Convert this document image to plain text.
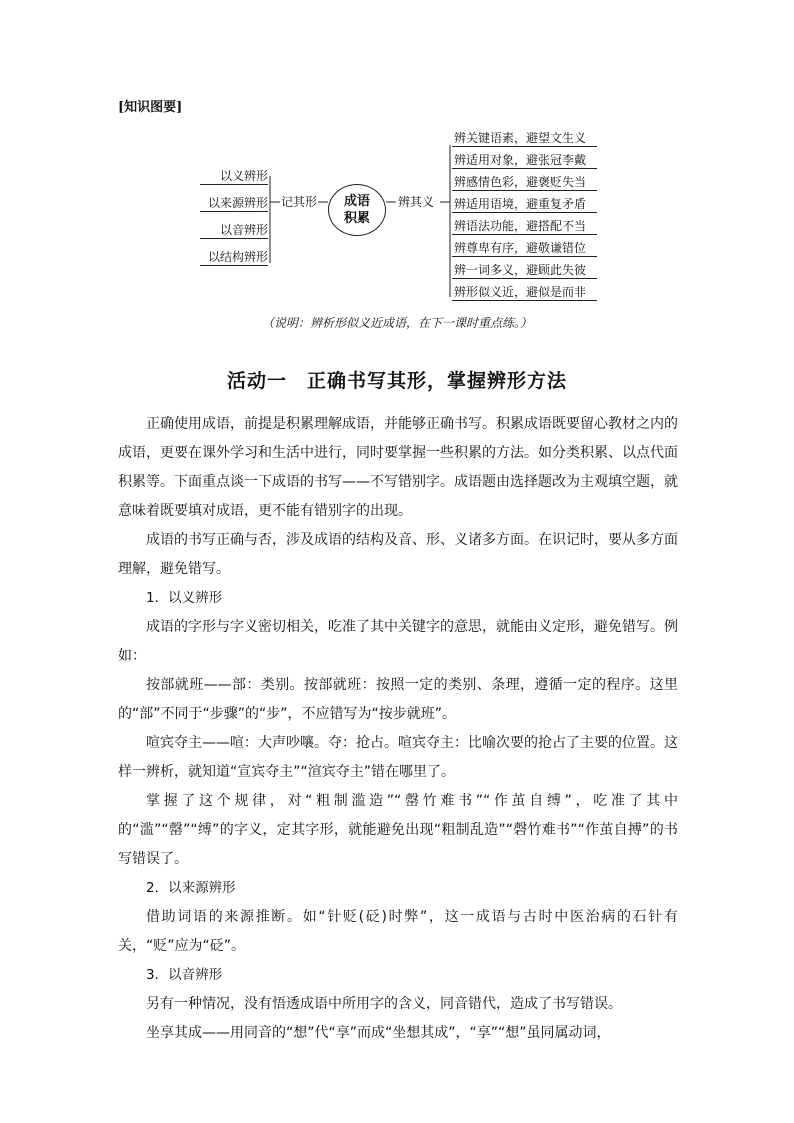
[知识图要]
成语
积累
记其形	辨其义
以义辨形
以来源辨形
以音辨形
以结构辨形
辨关键语素，避望文生义
辨适用对象，避张冠李戴
辨感情色彩，避褒贬失当
辨适用语境，避重复矛盾
辨语法功能，避搭配不当
辨尊卑有序，避敬谦错位
辨一词多义，避顾此失彼
辨形似义近，避似是而非
（说明：辨析形似义近成语，在下一课时重点练。）
活动一　正确书写其形，掌握辨形方法

正确使用成语，前提是积累理解成语，并能够正确书写。积累成语既要留心教材之内的成语，更要在课外学习和生活中进行，同时要掌握一些积累的方法。如分类积累、以点代面积累等。下面重点谈一下成语的书写——不写错别字。成语题由选择题改为主观填空题，就意味着既要填对成语，更不能有错别字的出现。

成语的书写正确与否，涉及成语的结构及音、形、义诸多方面。在识记时，要从多方面理解，避免错写。

1．以义辨形

成语的字形与字义密切相关，吃准了其中关键字的意思，就能由义定形，避免错写。例如：

按部就班——部：类别。按部就班：按照一定的类别、条理，遵循一定的程序。这里的“部”不同于“步骤”的“步”，不应错写为“按步就班”。

喧宾夺主——喧：大声吵嚷。夺：抢占。喧宾夺主：比喻次要的抢占了主要的位置。这样一辨析，就知道“宣宾夺主”“渲宾夺主”错在哪里了。

掌握了这个规律，对“粗制滥造”“罄竹难书”“作茧自缚”，吃准了其中的“滥”“罄”“缚”的字义，定其字形，就能避免出现“粗制乱造”“磬竹难书”“作茧自搏”的书写错误了。

2．以来源辨形

借助词语的来源推断。如“针贬(砭)时弊”，这一成语与古时中医治病的石针有关，“贬”应为“砭”。

3．以音辨形

另有一种情况，没有悟透成语中所用字的含义，同音错代，造成了书写错误。

坐享其成——用同音的“想”代“享”而成“坐想其成”，“享”“想”虽同属动词，
